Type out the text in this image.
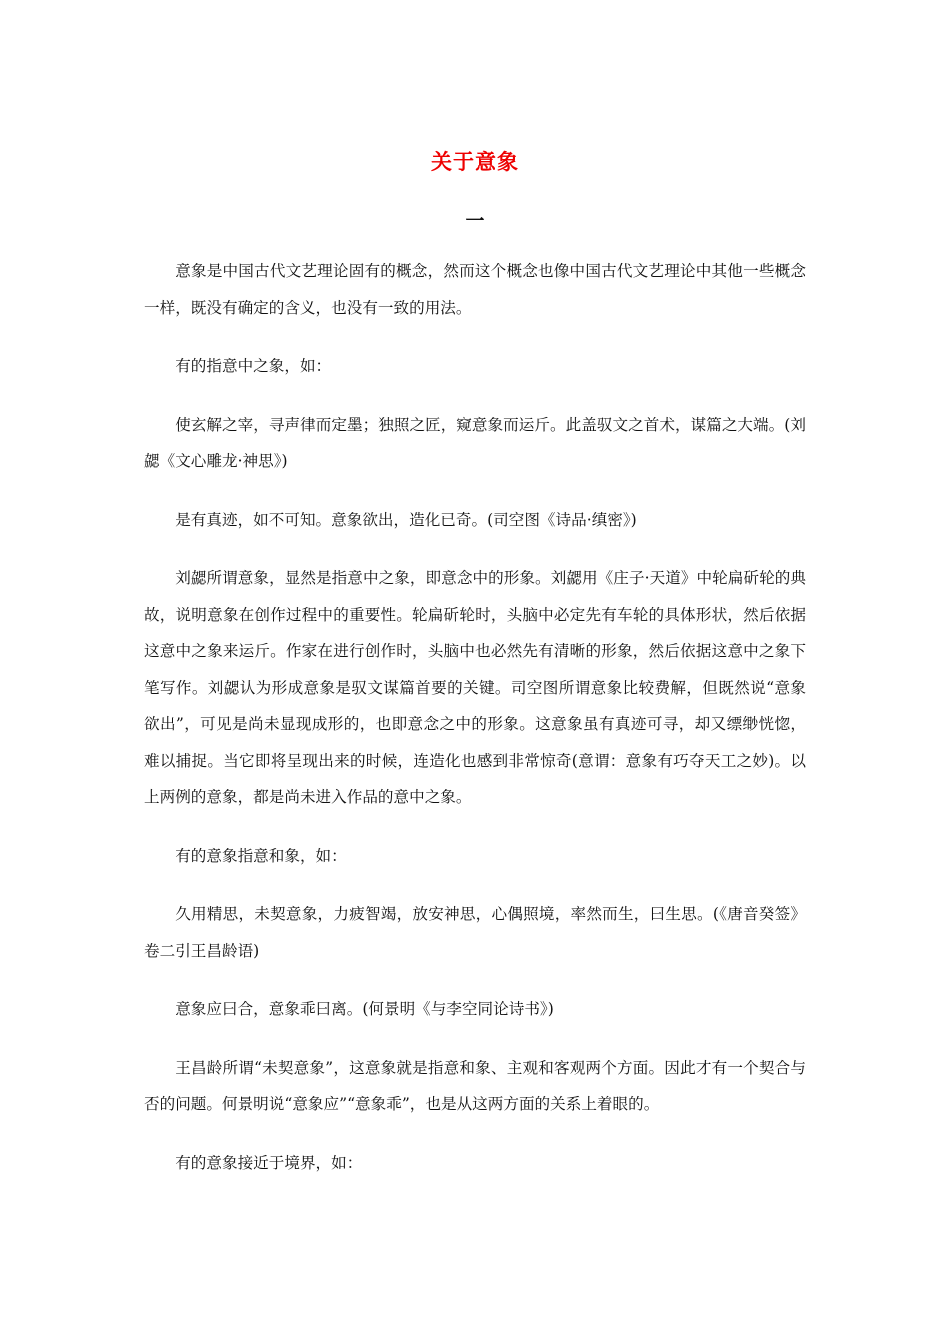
关于意象
一

意象是中国古代文艺理论固有的概念，然而这个概念也像中国古代文艺理论中其他一些概念一样，既没有确定的含义，也没有一致的用法。

有的指意中之象，如：

使玄解之宰，寻声律而定墨；独照之匠，窥意象而运斤。此盖驭文之首术，谋篇之大端。(刘勰《文心雕龙·神思》)

是有真迹，如不可知。意象欲出，造化已奇。(司空图《诗品·缜密》)

刘勰所谓意象，显然是指意中之象，即意念中的形象。刘勰用《庄子·天道》中轮扁斫轮的典故，说明意象在创作过程中的重要性。轮扁斫轮时，头脑中必定先有车轮的具体形状，然后依据这意中之象来运斤。作家在进行创作时，头脑中也必然先有清晰的形象，然后依据这意中之象下笔写作。刘勰认为形成意象是驭文谋篇首要的关键。司空图所谓意象比较费解，但既然说“意象欲出”，可见是尚未显现成形的，也即意念之中的形象。这意象虽有真迹可寻，却又缥缈恍惚，难以捕捉。当它即将呈现出来的时候，连造化也感到非常惊奇(意谓：意象有巧夺天工之妙)。以上两例的意象，都是尚未进入作品的意中之象。

有的意象指意和象，如：

久用精思，未契意象，力疲智竭，放安神思，心偶照境，率然而生，曰生思。(《唐音癸签》卷二引王昌龄语)

意象应曰合，意象乖曰离。(何景明《与李空同论诗书》)

王昌龄所谓“未契意象”，这意象就是指意和象、主观和客观两个方面。因此才有一个契合与否的问题。何景明说“意象应”“意象乖”，也是从这两方面的关系上着眼的。

有的意象接近于境界，如：
